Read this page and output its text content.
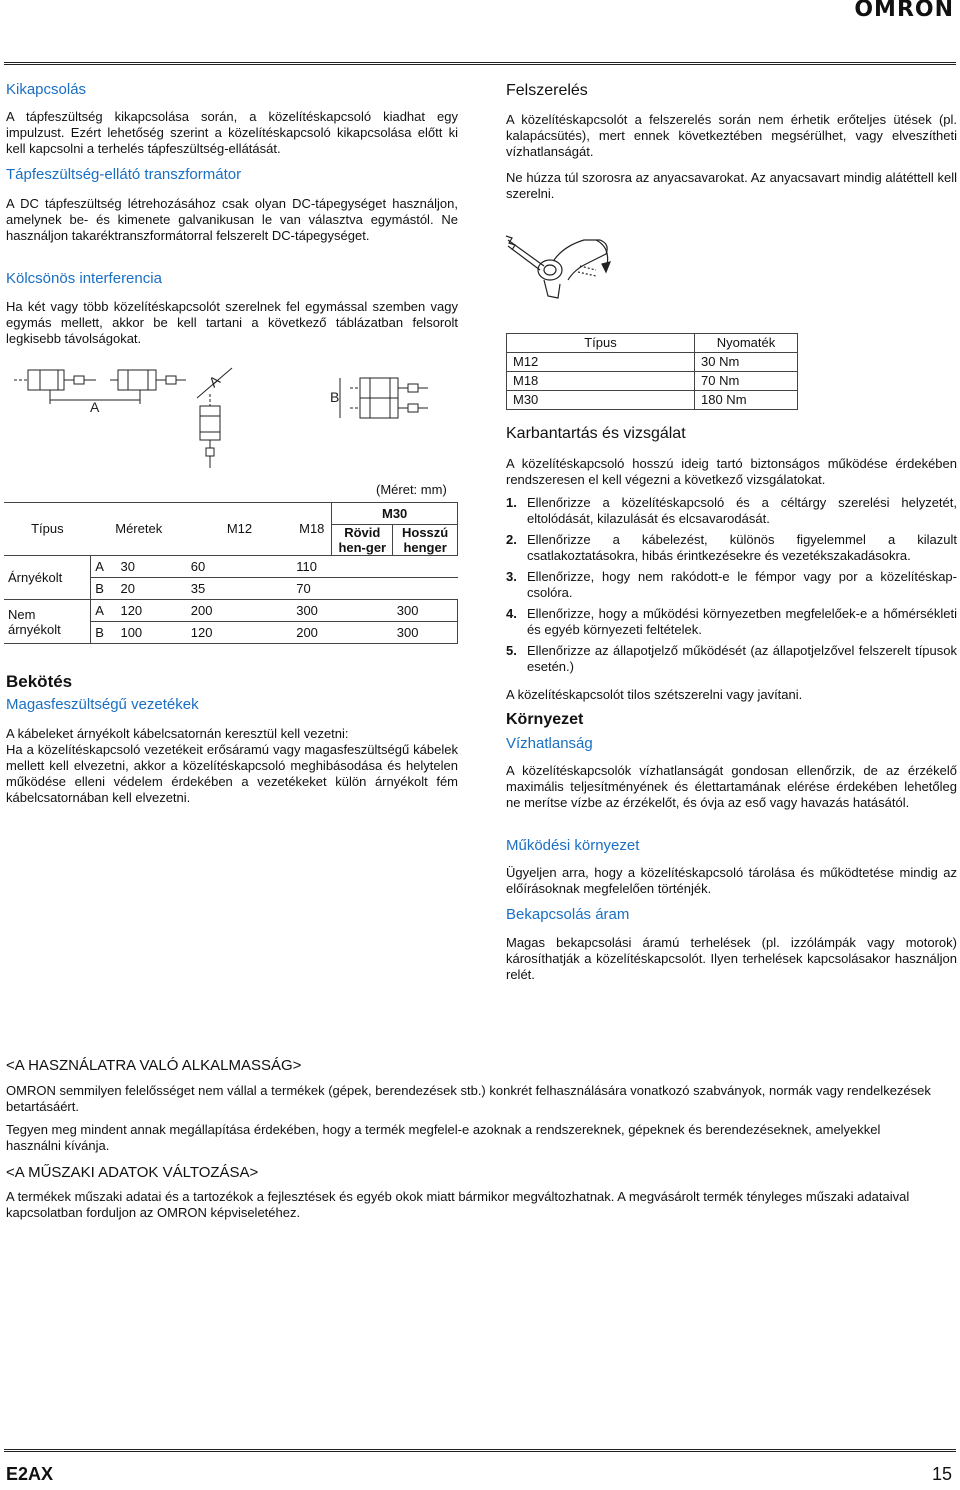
OMRON
Kikapcsolás
A tápfeszültség kikapcsolása során, a közelítéskapcsoló kiadhat egy impulzust. Ezért lehetőség szerint a közelítéskapcsoló kikapcsolása előtt ki kell kapcsolni a terhelés tápfeszültség-ellátását.
Tápfeszültség-ellátó transzformátor
A DC tápfeszültség létrehozásához csak olyan DC-tápegységet használjon, amelynek be- és kimenete galvanikusan le van választva egymástól. Ne használjon takaréktranszformátorral felszerelt DC-tápegységet.
Kölcsönös interferencia
Ha két vagy több közelítéskapcsolót szerelnek fel egymással szemben vagy egymás mellett, akkor be kell tartani a következő táblázatban felsorolt legkisebb távolságokat.
A
A
B
(Méret: mm)
Típus	Méretek		M12	M18	M30	
					Rövid hen-ger	Hosszú henger
Árnyékolt	A	30	60	110		
	B	20	35	70		
Nem árnyékolt	A	120	200	300		300
	B	100	120	200		300
Bekötés
Magasfeszültségű vezetékek
A kábeleket árnyékolt kábelcsatornán keresztül kell vezetni:
Ha a közelítéskapcsoló vezetékeit erősáramú vagy magasfeszültségű kábelek mellett kell elvezetni, akkor a közelítéskapcsoló meghibásodása és helytelen működése elleni védelem érdekében a vezetékeket külön árnyékolt fém kábelcsatornában kell elvezetni.
Felszerelés
A közelítéskapcsolót a felszerelés során nem érhetik erőteljes ütések (pl. kalapácsütés), mert ennek következtében megsérülhet, vagy elveszítheti vízhatlanságát.
Ne húzza túl szorosra az anyacsavarokat. Az anyacsavart mindig alátéttell kell szerelni.
Típus	Nyomaték
M12	30 Nm
M18	70 Nm
M30	180 Nm
Karbantartás és vizsgálat
A közelítéskapcsoló hosszú ideig tartó biztonságos működése érdekében rendszeresen el kell végezni a következő vizsgálatokat.
1. Ellenőrizze a közelítéskapcsoló és a céltárgy szerelési helyzetét, eltolódását, kilazulását és elcsavarodását.
2. Ellenőrizze a kábelezést, különös figyelemmel a kilazult csatlakoztatásokra, hibás érintkezésekre és vezetékszakadásokra.
3. Ellenőrizze, hogy nem rakódott-e le fémpor vagy por a közelítéskap-csolóra.
4. Ellenőrizze, hogy a működési környezetben megfelelőek-e a hőmérsékleti és egyéb környezeti feltételek.
5. Ellenőrizze az állapotjelző működését (az állapotjelzővel felszerelt típusok esetén.)
A közelítéskapcsolót tilos szétszerelni vagy javítani.
Környezet
Vízhatlanság
A közelítéskapcsolók vízhatlanságát gondosan ellenőrzik, de az érzékelő maximális teljesítményének és élettartamának elérése érdekében lehetőleg ne merítse vízbe az érzékelőt, és óvja az eső vagy havazás hatásától.
Működési környezet
Ügyeljen arra, hogy a közelítéskapcsoló tárolása és működtetése mindig az előírásoknak megfelelően történjék.
Bekapcsolás áram
Magas bekapcsolási áramú terhelések (pl. izzólámpák vagy motorok) károsíthatják a közelítéskapcsolót. Ilyen terhelések kapcsolásakor használjon relét.
<A HASZNÁLATRA VALÓ ALKALMASSÁG>
OMRON semmilyen felelősséget nem vállal a termékek (gépek, berendezések stb.) konkrét felhasználására vonatkozó szabványok, normák vagy rendelkezések betartásáért.
Tegyen meg mindent annak megállapítása érdekében, hogy a termék megfelel-e azoknak a rendszereknek, gépeknek és berendezéseknek, amelyekkel használni kívánja.
<A MŰSZAKI ADATOK VÁLTOZÁSA>
A termékek műszaki adatai és a tartozékok a fejlesztések és egyéb okok miatt bármikor megváltozhatnak. A megvásárolt termék tényleges műszaki adataival kapcsolatban forduljon az OMRON képviseletéhez.
E2AX	15
